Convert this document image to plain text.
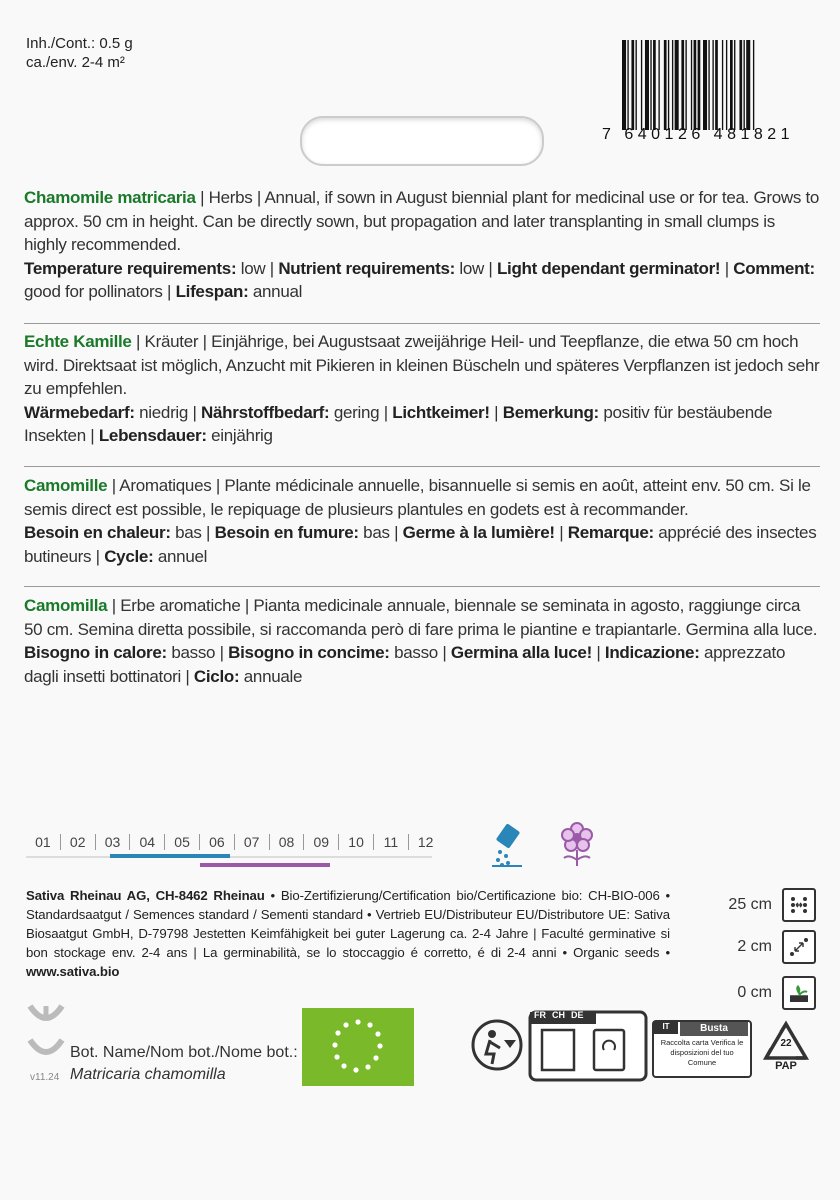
Inh./Cont.: 0.5 g
ca./env. 2-4 m²
7 640126 481821
Chamomile matricaria | Herbs | Annual, if sown in August biennial plant for medicinal use or for tea. Grows to approx. 50 cm in height. Can be directly sown, but propagation and later transplanting in small clumps is highly recommended.
Temperature requirements: low | Nutrient requirements: low | Light dependant germinator! | Comment: good for pollinators | Lifespan: annual
Echte Kamille | Kräuter | Einjährige, bei Augustsaat zweijährige Heil- und Teepflanze, die etwa 50 cm hoch wird. Direktsaat ist möglich, Anzucht mit Pikieren in kleinen Büscheln und späteres Verpflanzen ist jedoch sehr zu empfehlen.
Wärmebedarf: niedrig | Nährstoffbedarf: gering | Lichtkeimer! | Bemerkung: positiv für bestäubende Insekten | Lebensdauer: einjährig
Camomille | Aromatiques | Plante médicinale annuelle, bisannuelle si semis en août, atteint env. 50 cm. Si le semis direct est possible, le repiquage de plusieurs plantules en godets est à recommander.
Besoin en chaleur: bas | Besoin en fumure: bas | Germe à la lumière! | Remarque: apprécié des insectes butineurs | Cycle: annuel
Camomilla | Erbe aromatiche | Pianta medicinale annuale, biennale se seminata in agosto, raggiunge circa 50 cm. Semina diretta possibile, si raccomanda però di fare prima le piantine e trapiantarle. Germina alla luce.
Bisogno in calore: basso | Bisogno in concime: basso | Germina alla luce! | Indicazione: apprezzato dagli insetti bottinatori | Ciclo: annuale
01	02	03	04	05	06	07	08	09	10	11	12
Sativa Rheinau AG, CH-8462 Rheinau • Bio-Zertifizierung/Certification bio/Certificazione bio: CH-BIO-006 • Standardsaatgut / Semences standard / Sementi standard • Vertrieb EU/Distributeur EU/Distributore UE: Sativa Biosaatgut GmbH, D-79798 Jestetten Keimfähigkeit bei guter Lagerung ca. 2-4 Jahre | Faculté germinative si bon stockage env. 2-4 ans | La germinabilità, se lo stoccaggio é corretto, é di 2-4 anni • Organic seeds • www.sativa.bio
25 cm
2 cm
0 cm
v11.24
Bot. Name/Nom bot./Nome bot.:
Matricaria chamomilla
FR CH DE
IT	Busta
Raccolta carta Verifica le disposizioni del tuo Comune
22
PAP
